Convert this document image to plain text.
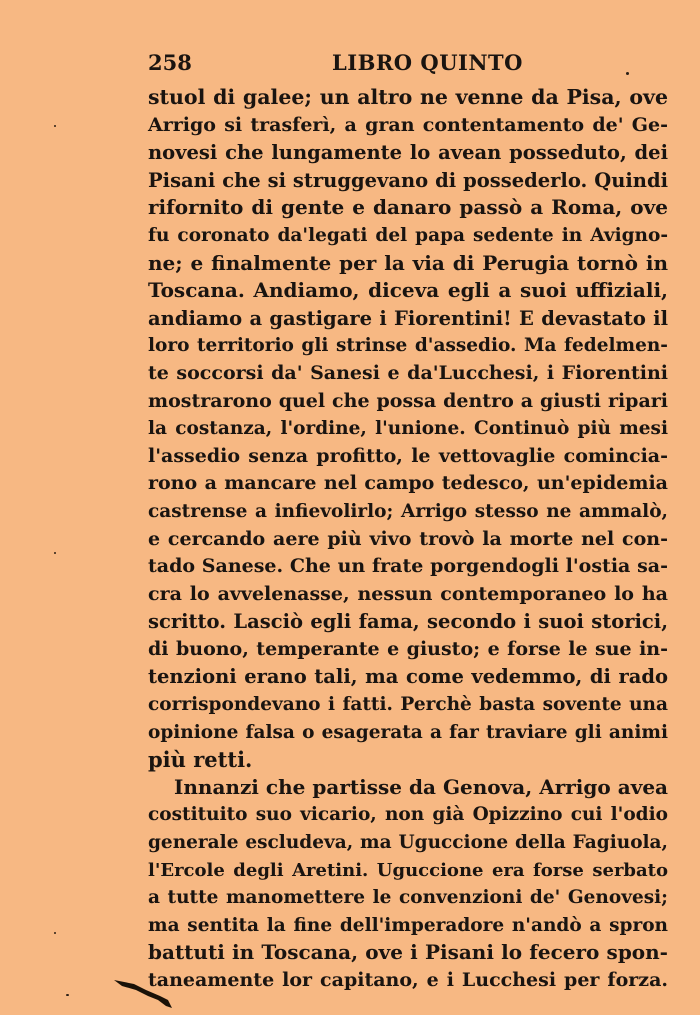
258	LIBRO QUINTO
stuol di galee; un altro ne venne da Pisa, ove
Arrigo si trasferì, a gran contentamento de' Ge-
novesi che lungamente lo avean posseduto, dei
Pisani che si struggevano di possederlo. Quindi
rifornito di gente e danaro passò a Roma, ove
fu coronato da'legati del papa sedente in Avigno-
ne; e finalmente per la via di Perugia tornò in
Toscana. Andiamo, diceva egli a suoi uffiziali,
andiamo a gastigare i Fiorentini! E devastato il
loro territorio gli strinse d'assedio. Ma fedelmen-
te soccorsi da' Sanesi e da'Lucchesi, i Fiorentini
mostrarono quel che possa dentro a giusti ripari
la costanza, l'ordine, l'unione. Continuò più mesi
l'assedio senza profitto, le vettovaglie comincia-
rono a mancare nel campo tedesco, un'epidemia
castrense a infievolirlo; Arrigo stesso ne ammalò,
e cercando aere più vivo trovò la morte nel con-
tado Sanese. Che un frate porgendogli l'ostia sa-
cra lo avvelenasse, nessun contemporaneo lo ha
scritto. Lasciò egli fama, secondo i suoi storici,
di buono, temperante e giusto; e forse le sue in-
tenzioni erano tali, ma come vedemmo, di rado
corrispondevano i fatti. Perchè basta sovente una
opinione falsa o esagerata a far traviare gli animi
più retti.
Innanzi che partisse da Genova, Arrigo avea
costituito suo vicario, non già Opizzino cui l'odio
generale escludeva, ma Uguccione della Fagiuola,
l'Ercole degli Aretini. Uguccione era forse serbato
a tutte manomettere le convenzioni de' Genovesi;
ma sentita la fine dell'imperadore n'andò a spron
battuti in Toscana, ove i Pisani lo fecero spon-
taneamente lor capitano, e i Lucchesi per forza.
